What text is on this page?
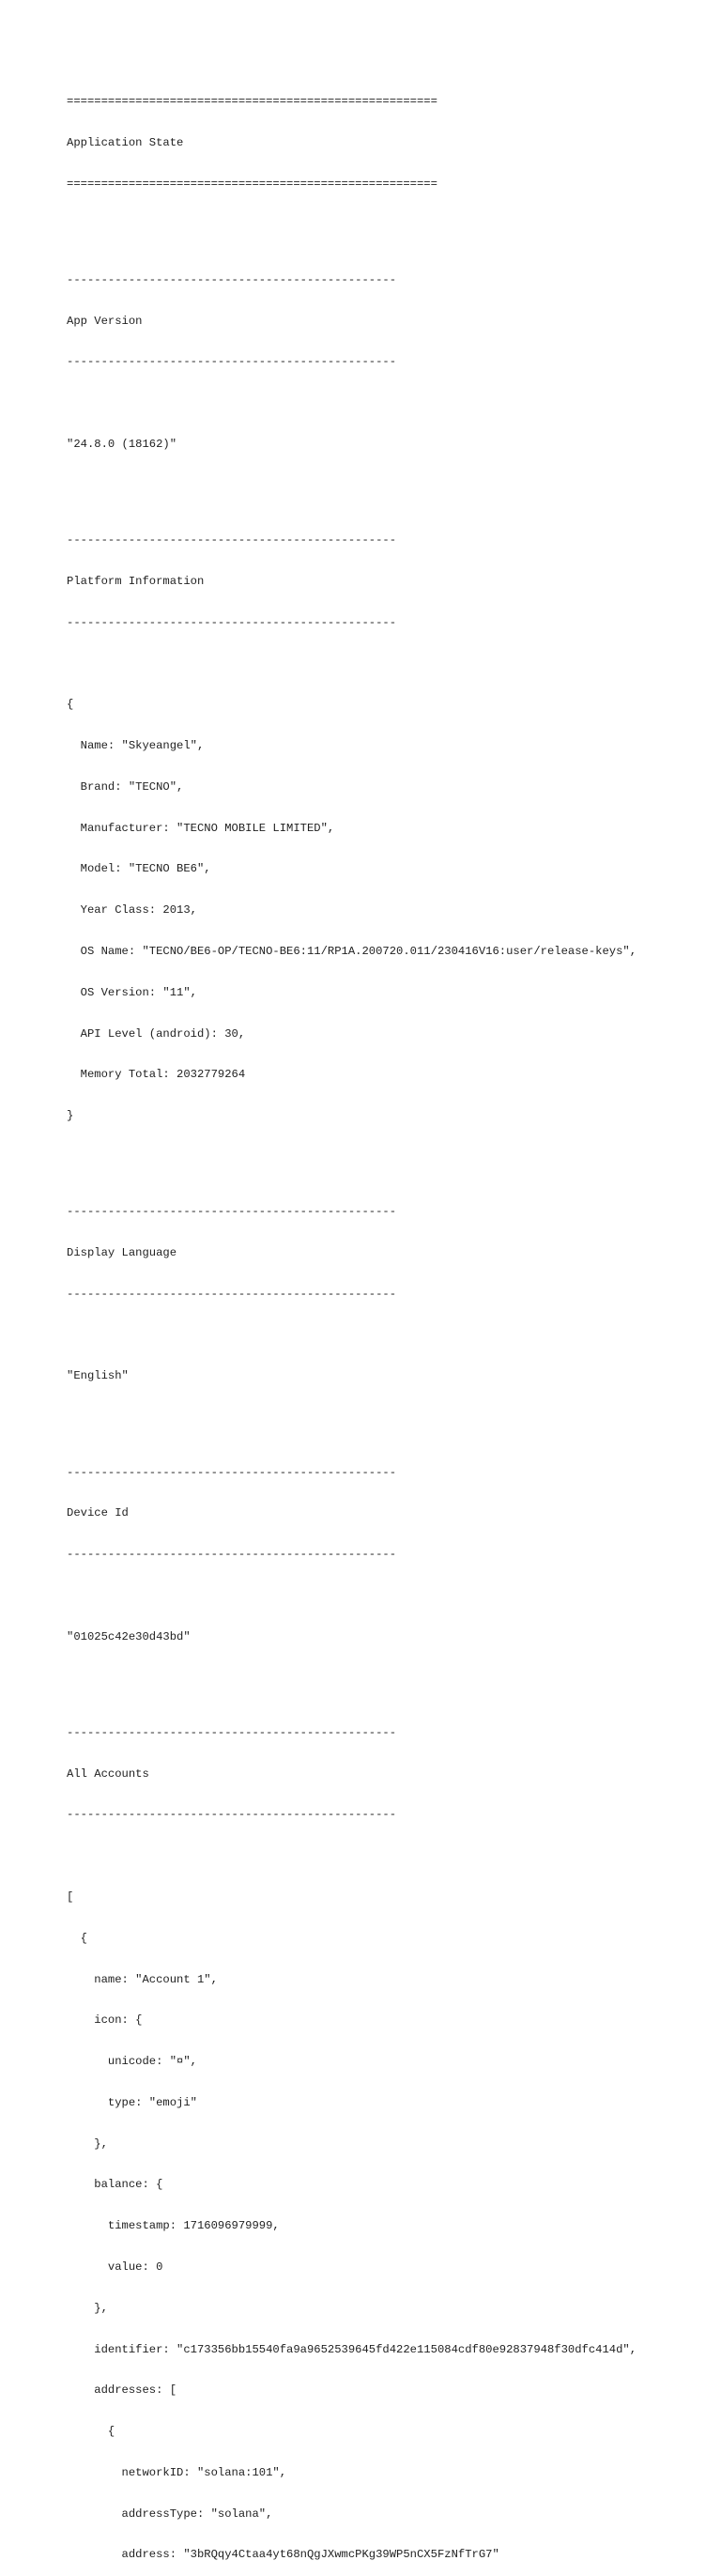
======================================================

Application State

======================================================

------------------------------------------------

App Version

------------------------------------------------

"24.8.0 (18162)"

------------------------------------------------

Platform Information

------------------------------------------------

{

Name: "Skyeangel",

Brand: "TECNO",

Manufacturer: "TECNO MOBILE LIMITED",

Model: "TECNO BE6",

Year Class: 2013,

OS Name: "TECNO/BE6-OP/TECNO-BE6:11/RP1A.200720.011/230416V16:user/release-keys",

OS Version: "11",

API Level (android): 30,

Memory Total: 2032779264

}

------------------------------------------------

Display Language

------------------------------------------------

"English"

------------------------------------------------

Device Id

------------------------------------------------

"01025c42e30d43bd"

------------------------------------------------

All Accounts

------------------------------------------------

[

{

name: "Account 1",

icon: {

unicode: "¤",

type: "emoji"

},

balance: {

timestamp: 1716096979999,

value: 0

},

identifier: "c173356bb15540fa9a9652539645fd422e115084cdf80e92837948f30dfc414d",

addresses: [

{

networkID: "solana:101",

addressType: "solana",

address: "3bRQqy4Ctaa4yt68nQgJXwmcPKg39WP5nCX5FzNfTrG7"
